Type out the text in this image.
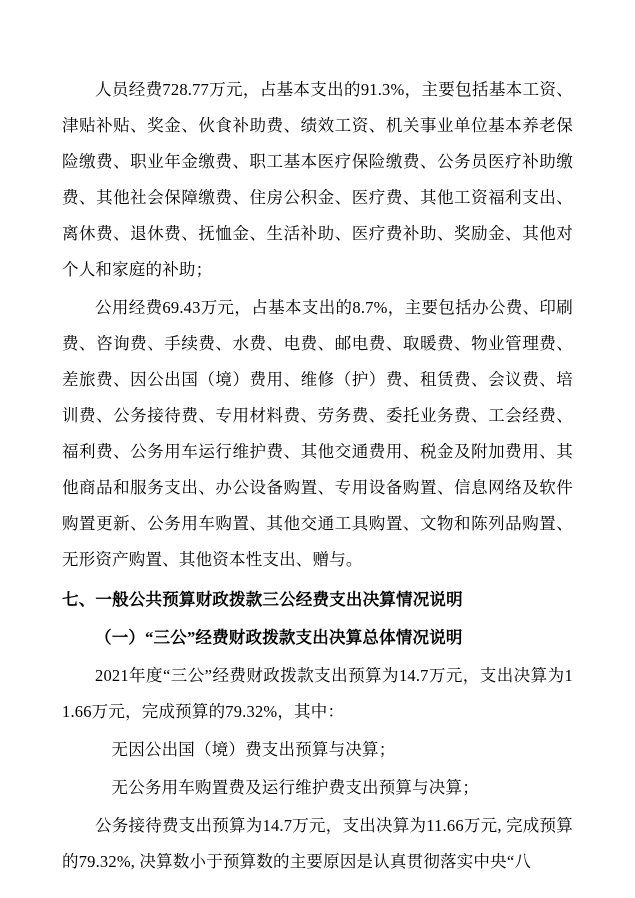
人员经费728.77万元，占基本支出的91.3%，主要包括基本工资、津贴补贴、奖金、伙食补助费、绩效工资、机关事业单位基本养老保险缴费、职业年金缴费、职工基本医疗保险缴费、公务员医疗补助缴费、其他社会保障缴费、住房公积金、医疗费、其他工资福利支出、离休费、退休费、抚恤金、生活补助、医疗费补助、奖励金、其他对个人和家庭的补助；

公用经费69.43万元，占基本支出的8.7%，主要包括办公费、印刷费、咨询费、手续费、水费、电费、邮电费、取暖费、物业管理费、差旅费、因公出国（境）费用、维修（护）费、租赁费、会议费、培训费、公务接待费、专用材料费、劳务费、委托业务费、工会经费、福利费、公务用车运行维护费、其他交通费用、税金及附加费用、其他商品和服务支出、办公设备购置、专用设备购置、信息网络及软件购置更新、公务用车购置、其他交通工具购置、文物和陈列品购置、无形资产购置、其他资本性支出、赠与。

七、一般公共预算财政拨款三公经费支出决算情况说明

（一）“三公”经费财政拨款支出决算总体情况说明

2021年度“三公”经费财政拨款支出预算为14.7万元，支出决算为11.66万元，完成预算的79.32%，其中：

无因公出国（境）费支出预算与决算；

无公务用车购置费及运行维护费支出预算与决算；

公务接待费支出预算为14.7万元，支出决算为11.66万元, 完成预算的79.32%, 决算数小于预算数的主要原因是认真贯彻落实中央“八
